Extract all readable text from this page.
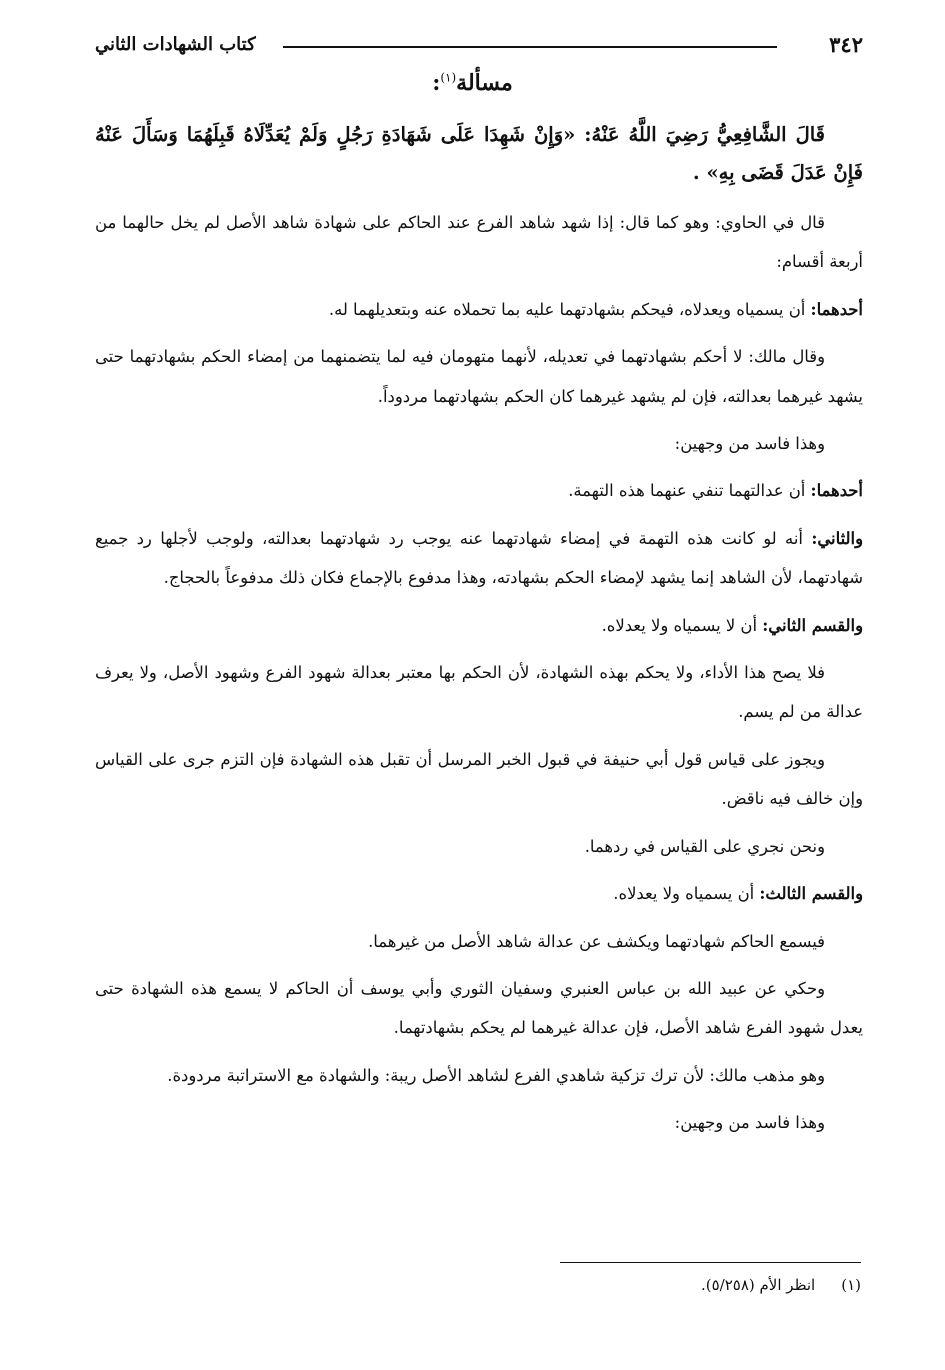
٣٤٢
كتاب الشهادات الثاني
مسألة$^{(١)}$:
قَالَ الشَّافِعِيُّ رَضِيَ اللَّهُ عَنْهُ: «وَإِنْ شَهِدَا عَلَى شَهَادَةِ رَجُلٍ وَلَمْ يُعَدِّلَاهُ قَبِلَهُمَا وَسَأَلَ عَنْهُ فَإِنْ عَدَلَ قَضَى بِهِ» .

قال في الحاوي: وهو كما قال: إذا شهد شاهد الفرع عند الحاكم على شهادة شاهد الأصل لم يخل حالهما من أربعة أقسام:

أحدهما: أن يسمياه ويعدلاه، فيحكم بشهادتهما عليه بما تحملاه عنه وبتعديلهما له.

وقال مالك: لا أحكم بشهادتهما في تعديله، لأنهما متهومان فيه لما يتضمنهما من إمضاء الحكم بشهادتهما حتى يشهد غيرهما بعدالته، فإن لم يشهد غيرهما كان الحكم بشهادتهما مردوداً.

وهذا فاسد من وجهين:

أحدهما: أن عدالتهما تنفي عنهما هذه التهمة.

والثاني: أنه لو كانت هذه التهمة في إمضاء شهادتهما عنه يوجب رد شهادتهما بعدالته، ولوجب لأجلها رد جميع شهادتهما، لأن الشاهد إنما يشهد لإمضاء الحكم بشهادته، وهذا مدفوع بالإجماع فكان ذلك مدفوعاً بالحجاج.

والقسم الثاني: أن لا يسمياه ولا يعدلاه.

فلا يصح هذا الأداء، ولا يحكم بهذه الشهادة، لأن الحكم بها معتبر بعدالة شهود الفرع وشهود الأصل، ولا يعرف عدالة من لم يسم.

ويجوز على قياس قول أبي حنيفة في قبول الخبر المرسل أن تقبل هذه الشهادة فإن التزم جرى على القياس وإن خالف فيه ناقض.

ونحن نجري على القياس في ردهما.

والقسم الثالث: أن يسمياه ولا يعدلاه.

فيسمع الحاكم شهادتهما ويكشف عن عدالة شاهد الأصل من غيرهما.

وحكي عن عبيد الله بن عباس العنبري وسفيان الثوري وأبي يوسف أن الحاكم لا يسمع هذه الشهادة حتى يعدل شهود الفرع شاهد الأصل، فإن عدالة غيرهما لم يحكم بشهادتهما.

وهو مذهب مالك: لأن ترك تزكية شاهدي الفرع لشاهد الأصل ريبة: والشهادة مع الاستراتبة مردودة.

وهذا فاسد من وجهين:

(١)انظر الأم (٥/٢٥٨).
